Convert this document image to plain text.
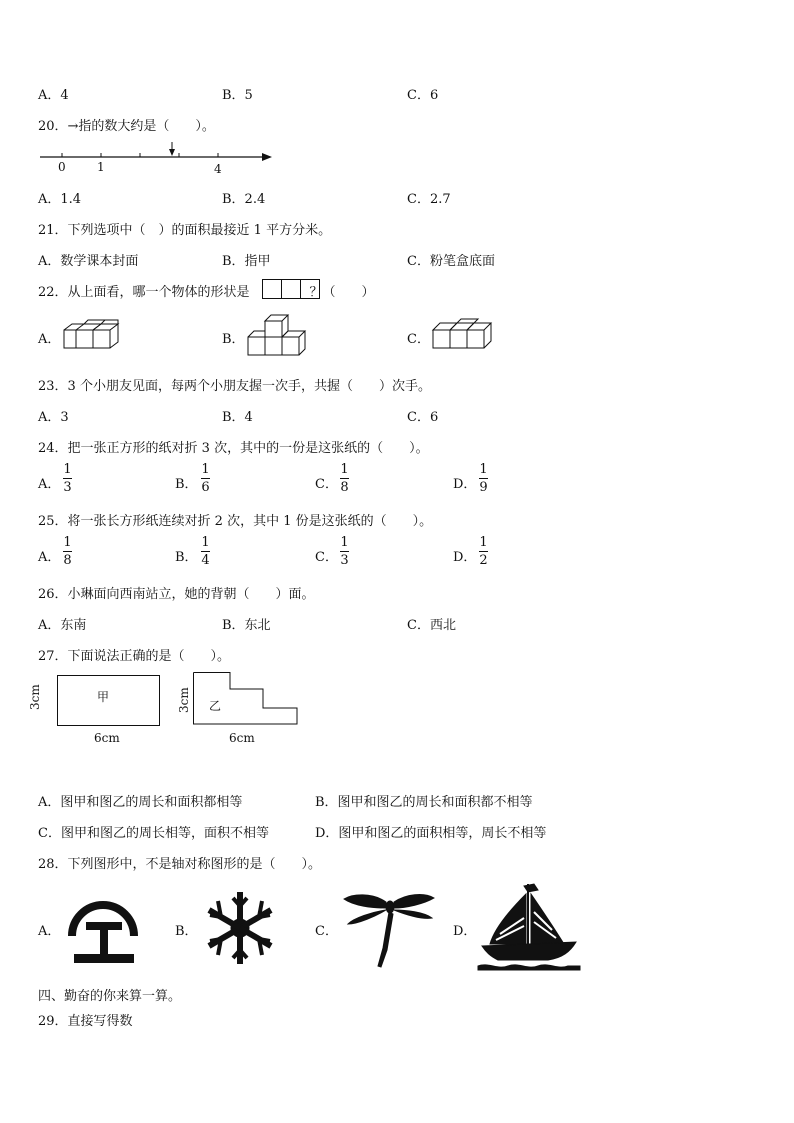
A．4	B．5	C．6
20．→指的数大约是（　　）。
0	1	4
A．1.4	B．2.4	C．2.7
21．下列选项中（　）的面积最接近 1 平方分米。
A．数学课本封面	B．指甲	C．粉笔盒底面
22．从上面看，哪一个物体的形状是	？（　　）
A．	B．	C．
23．3 个小朋友见面，每两个小朋友握一次手，共握（　　）次手。
A．3	B．4	C．6
24．把一张正方形的纸对折 3 次，其中的一份是这张纸的（　　）。
A．
1
3	B．
1
6	C．
1
8	D．
1
9
25．将一张长方形纸连续对折 2 次，其中 1 份是这张纸的（　　）。
A．
1
8	B．
1
4	C．
1
3	D．
1
2
26．小琳面向西南站立，她的背朝（　　）面。
A．东南	B．东北	C．西北
27．下面说法正确的是（　　）。
甲
3cm
6cm
乙
3cm
6cm
A．图甲和图乙的周长和面积都相等	B．图甲和图乙的周长和面积都不相等
C．图甲和图乙的周长相等，面积不相等	D．图甲和图乙的面积相等，周长不相等
28．下列图形中，不是轴对称图形的是（　　）。
A．	B．	C．	D．
四、勤奋的你来算一算。
29．直接写得数
